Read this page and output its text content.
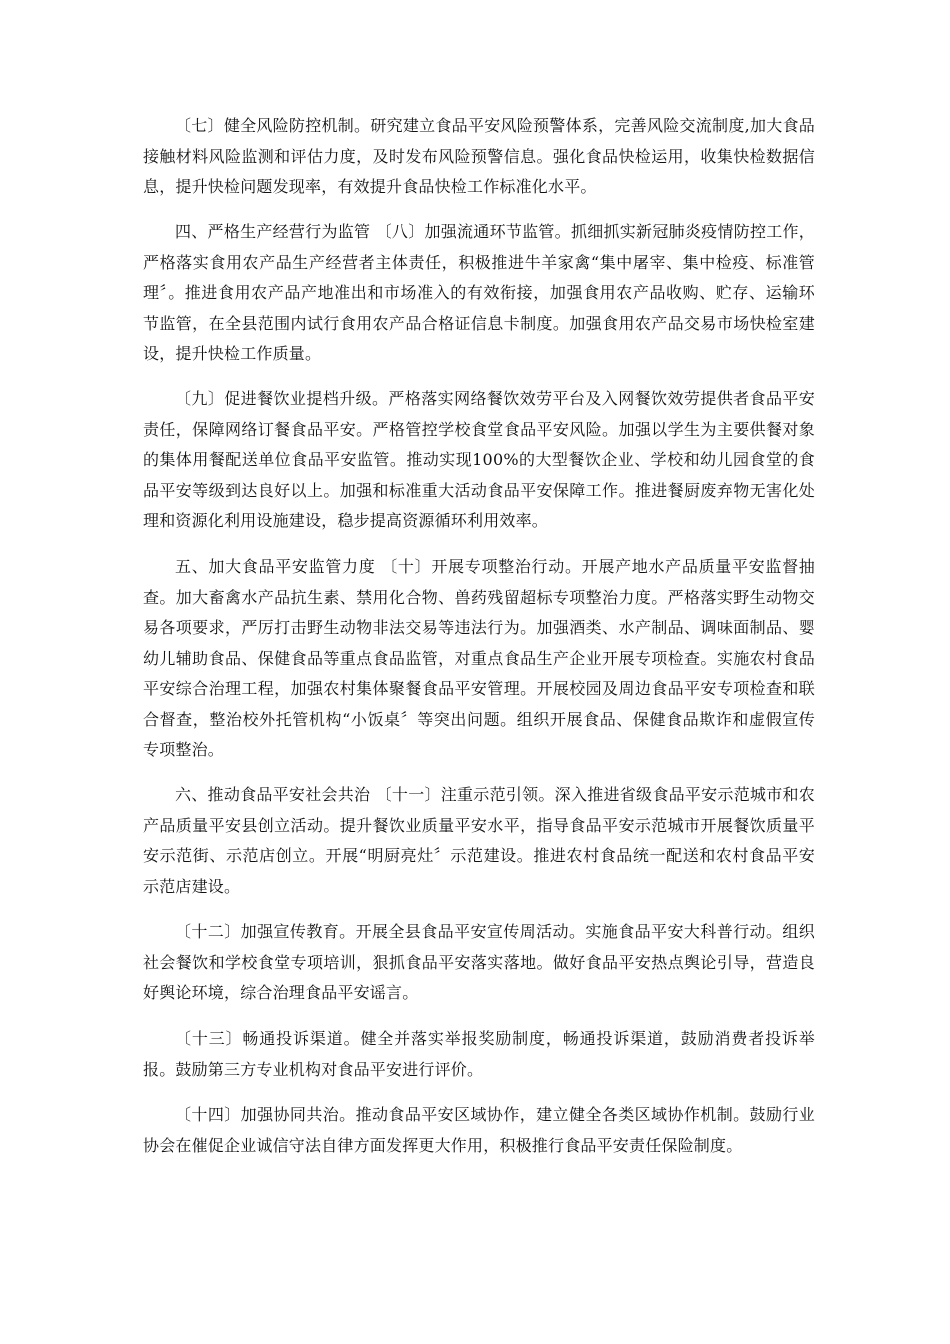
〔七〕健全风险防控机制。研究建立食品平安风险预警体系，完善风险交流制度,加大食品接触材料风险监测和评估力度，及时发布风险预警信息。强化食品快检运用，收集快检数据信息，提升快检问题发现率，有效提升食品快检工作标准化水平。

四、严格生产经营行为监管 〔八〕加强流通环节监管。抓细抓实新冠肺炎疫情防控工作，严格落实食用农产品生产经营者主体责任，积极推进牛羊家禽“集中屠宰、集中检疫、标准管理〞。推进食用农产品产地准出和市场准入的有效衔接，加强食用农产品收购、贮存、运输环节监管，在全县范围内试行食用农产品合格证信息卡制度。加强食用农产品交易市场快检室建设，提升快检工作质量。

〔九〕促进餐饮业提档升级。严格落实网络餐饮效劳平台及入网餐饮效劳提供者食品平安责任，保障网络订餐食品平安。严格管控学校食堂食品平安风险。加强以学生为主要供餐对象的集体用餐配送单位食品平安监管。推动实现100%的大型餐饮企业、学校和幼儿园食堂的食品平安等级到达良好以上。加强和标准重大活动食品平安保障工作。推进餐厨废弃物无害化处理和资源化利用设施建设，稳步提高资源循环利用效率。

五、加大食品平安监管力度 〔十〕开展专项整治行动。开展产地水产品质量平安监督抽查。加大畜禽水产品抗生素、禁用化合物、兽药残留超标专项整治力度。严格落实野生动物交易各项要求，严厉打击野生动物非法交易等违法行为。加强酒类、水产制品、调味面制品、婴幼儿辅助食品、保健食品等重点食品监管，对重点食品生产企业开展专项检查。实施农村食品平安综合治理工程，加强农村集体聚餐食品平安管理。开展校园及周边食品平安专项检查和联合督查，整治校外托管机构“小饭桌〞等突出问题。组织开展食品、保健食品欺诈和虚假宣传专项整治。

六、推动食品平安社会共治 〔十一〕注重示范引领。深入推进省级食品平安示范城市和农产品质量平安县创立活动。提升餐饮业质量平安水平，指导食品平安示范城市开展餐饮质量平安示范街、示范店创立。开展“明厨亮灶〞示范建设。推进农村食品统一配送和农村食品平安示范店建设。

〔十二〕加强宣传教育。开展全县食品平安宣传周活动。实施食品平安大科普行动。组织社会餐饮和学校食堂专项培训，狠抓食品平安落实落地。做好食品平安热点舆论引导，营造良好舆论环境，综合治理食品平安谣言。

〔十三〕畅通投诉渠道。健全并落实举报奖励制度，畅通投诉渠道，鼓励消费者投诉举报。鼓励第三方专业机构对食品平安进行评价。

〔十四〕加强协同共治。推动食品平安区域协作，建立健全各类区域协作机制。鼓励行业协会在催促企业诚信守法自律方面发挥更大作用，积极推行食品平安责任保险制度。
